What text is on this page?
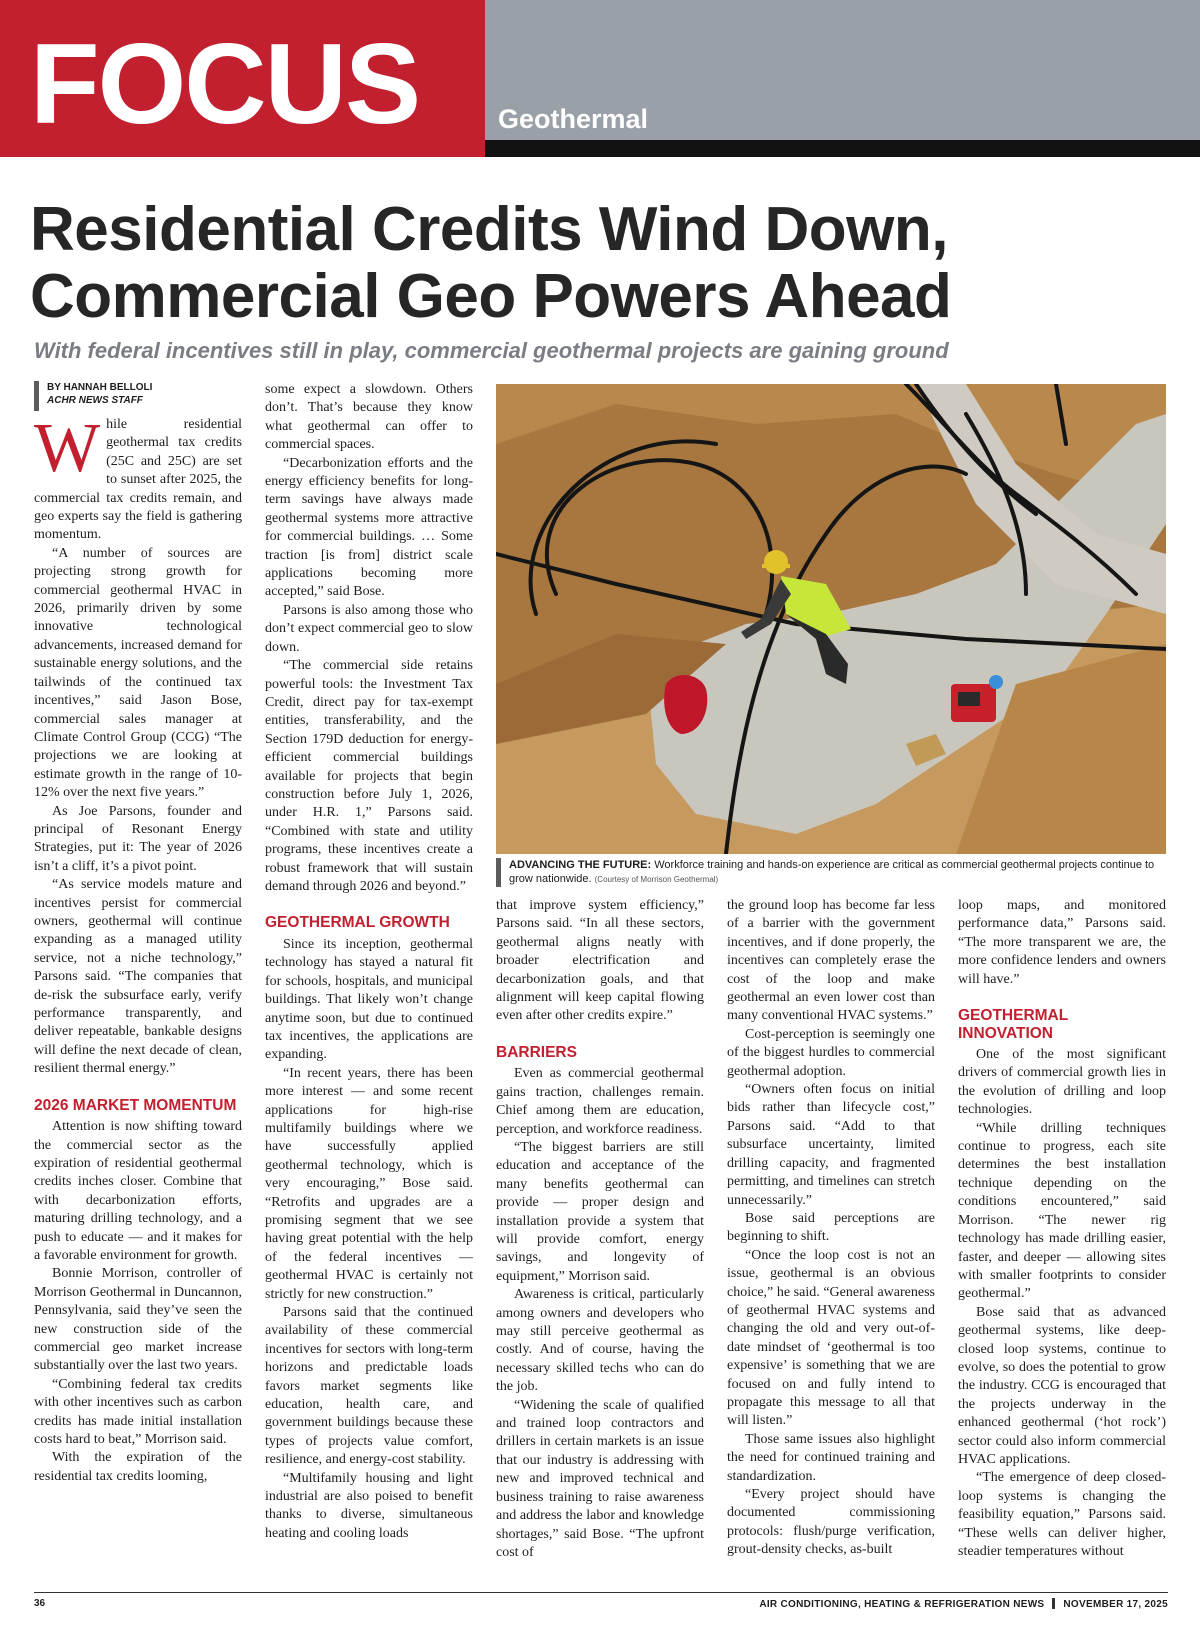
FOCUS	Geothermal
Residential Credits Wind Down,
Commercial Geo Powers Ahead
With federal incentives still in play, commercial geothermal projects are gaining ground
BY HANNAH BELLOLI
ACHR NEWS STAFF

While residential geothermal tax credits (25C and 25C) are set to sunset after 2025, the commercial tax credits remain, and geo experts say the field is gathering momentum.

“A number of sources are projecting strong growth for commercial geothermal HVAC in 2026, primarily driven by some innovative technological advancements, increased demand for sustainable energy solutions, and the tailwinds of the continued tax incentives,” said Jason Bose, commercial sales manager at Climate Control Group (CCG) “The projections we are looking at estimate growth in the range of 10-12% over the next five years.”

As Joe Parsons, founder and principal of Resonant Energy Strategies, put it: The year of 2026 isn’t a cliff, it’s a pivot point.

“As service models mature and incentives persist for commercial owners, geothermal will continue expanding as a managed utility service, not a niche technology,” Parsons said. “The companies that de-risk the subsurface early, verify performance transparently, and deliver repeatable, bankable designs will define the next decade of clean, resilient thermal energy.”

2026 MARKET MOMENTUM

Attention is now shifting toward the commercial sector as the expiration of residential geothermal credits inches closer. Combine that with decarbonization efforts, maturing drilling technology, and a push to educate — and it makes for a favorable environment for growth.

Bonnie Morrison, controller of Morrison Geothermal in Duncannon, Pennsylvania, said they’ve seen the new construction side of the commercial geo market increase substantially over the last two years.

“Combining federal tax credits with other incentives such as carbon credits has made initial installation costs hard to beat,” Morrison said.

With the expiration of the residential tax credits looming,

some expect a slowdown. Others don’t. That’s because they know what geothermal can offer to commercial spaces.

“Decarbonization efforts and the energy efficiency benefits for long-term savings have always made geothermal systems more attractive for commercial buildings. … Some traction [is from] district scale applications becoming more accepted,” said Bose.

Parsons is also among those who don’t expect commercial geo to slow down.

“The commercial side retains powerful tools: the Investment Tax Credit, direct pay for tax-exempt entities, transferability, and the Section 179D deduction for energy-efficient commercial buildings available for projects that begin construction before July 1, 2026, under H.R. 1,” Parsons said. “Combined with state and utility programs, these incentives create a robust framework that will sustain demand through 2026 and beyond.”

GEOTHERMAL GROWTH

Since its inception, geothermal technology has stayed a natural fit for schools, hospitals, and municipal buildings. That likely won’t change anytime soon, but due to continued tax incentives, the applications are expanding.

“In recent years, there has been more interest — and some recent applications for high-rise multifamily buildings where we have successfully applied geothermal technology, which is very encouraging,” Bose said. “Retrofits and upgrades are a promising segment that we see having great potential with the help of the federal incentives — geothermal HVAC is certainly not strictly for new construction.”

Parsons said that the continued availability of these commercial incentives for sectors with long-term horizons and predictable loads favors market segments like education, health care, and government buildings because these types of projects value comfort, resilience, and energy-cost stability.

“Multifamily housing and light industrial are also poised to benefit thanks to diverse, simultaneous heating and cooling loads

ADVANCING THE FUTURE: Workforce training and hands-on experience are critical as commercial geothermal projects continue to grow nationwide. (Courtesy of Morrison Geothermal)

that improve system efficiency,” Parsons said. “In all these sectors, geothermal aligns neatly with broader electrification and decarbonization goals, and that alignment will keep capital flowing even after other credits expire.”

BARRIERS

Even as commercial geothermal gains traction, challenges remain. Chief among them are education, perception, and workforce readiness.

“The biggest barriers are still education and acceptance of the many benefits geothermal can provide — proper design and installation provide a system that will provide comfort, energy savings, and longevity of equipment,” Morrison said.

Awareness is critical, particularly among owners and developers who may still perceive geothermal as costly. And of course, having the necessary skilled techs who can do the job.

“Widening the scale of qualified and trained loop contractors and drillers in certain markets is an issue that our industry is addressing with new and improved technical and business training to raise awareness and address the labor and knowledge shortages,” said Bose. “The upfront cost of

the ground loop has become far less of a barrier with the government incentives, and if done properly, the incentives can completely erase the cost of the loop and make geothermal an even lower cost than many conventional HVAC systems.”

Cost-perception is seemingly one of the biggest hurdles to commercial geothermal adoption.

“Owners often focus on initial bids rather than lifecycle cost,” Parsons said. “Add to that subsurface uncertainty, limited drilling capacity, and fragmented permitting, and timelines can stretch unnecessarily.”

Bose said perceptions are beginning to shift.

“Once the loop cost is not an issue, geothermal is an obvious choice,” he said. “General awareness of geothermal HVAC systems and changing the old and very out-of-date mindset of ‘geothermal is too expensive’ is something that we are focused on and fully intend to propagate this message to all that will listen.”

Those same issues also highlight the need for continued training and standardization.

“Every project should have documented commissioning protocols: flush/purge verification, grout-density checks, as-built

loop maps, and monitored performance data,” Parsons said. “The more transparent we are, the more confidence lenders and owners will have.”

GEOTHERMAL INNOVATION

One of the most significant drivers of commercial growth lies in the evolution of drilling and loop technologies.

“While drilling techniques continue to progress, each site determines the best installation technique depending on the conditions encountered,” said Morrison. “The newer rig technology has made drilling easier, faster, and deeper — allowing sites with smaller footprints to consider geothermal.”

Bose said that as advanced geothermal systems, like deep-closed loop systems, continue to evolve, so does the potential to grow the industry. CCG is encouraged that the projects underway in the enhanced geothermal (‘hot rock’) sector could also inform commercial HVAC applications.

“The emergence of deep closed-loop systems is changing the feasibility equation,” Parsons said. “These wells can deliver higher, steadier temperatures without

36	AIR CONDITIONING, HEATING & REFRIGERATION NEWS NOVEMBER 17, 2025
